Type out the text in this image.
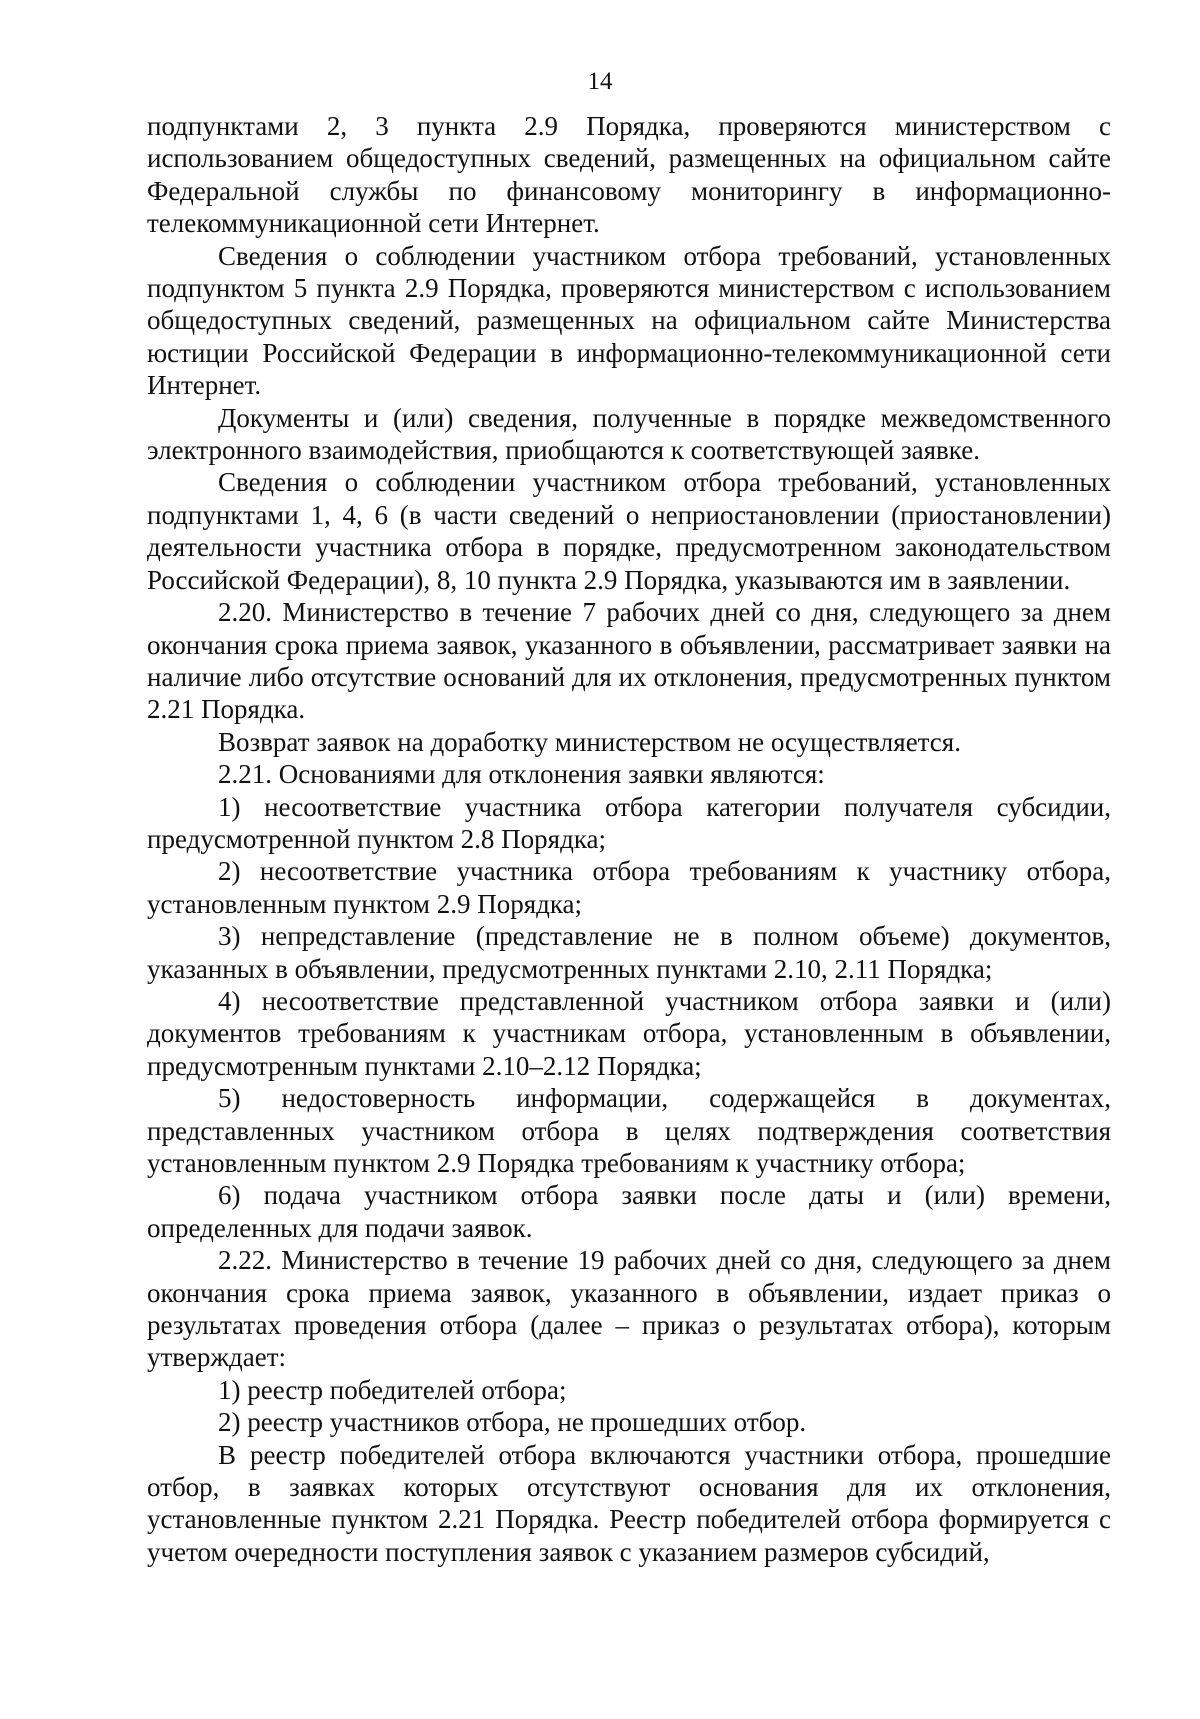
14

подпунктами 2, 3 пункта 2.9 Порядка, проверяются министерством с использованием общедоступных сведений, размещенных на официальном сайте Федеральной службы по финансовому мониторингу в информационно-телекоммуникационной сети Интернет.

Сведения о соблюдении участником отбора требований, установленных подпунктом 5 пункта 2.9 Порядка, проверяются министерством с использованием общедоступных сведений, размещенных на официальном сайте Министерства юстиции Российской Федерации в информационно-телекоммуникационной сети Интернет.

Документы и (или) сведения, полученные в порядке межведомственного электронного взаимодействия, приобщаются к соответствующей заявке.

Сведения о соблюдении участником отбора требований, установленных подпунктами 1, 4, 6 (в части сведений о неприостановлении (приостановлении) деятельности участника отбора в порядке, предусмотренном законодательством Российской Федерации), 8, 10 пункта 2.9 Порядка, указываются им в заявлении.

2.20. Министерство в течение 7 рабочих дней со дня, следующего за днем окончания срока приема заявок, указанного в объявлении, рассматривает заявки на наличие либо отсутствие оснований для их отклонения, предусмотренных пунктом 2.21 Порядка.

Возврат заявок на доработку министерством не осуществляется.

2.21. Основаниями для отклонения заявки являются:

1) несоответствие участника отбора категории получателя субсидии, предусмотренной пунктом 2.8 Порядка;

2) несоответствие участника отбора требованиям к участнику отбора, установленным пунктом 2.9 Порядка;

3) непредставление (представление не в полном объеме) документов, указанных в объявлении, предусмотренных пунктами 2.10, 2.11 Порядка;

4) несоответствие представленной участником отбора заявки и (или) документов требованиям к участникам отбора, установленным в объявлении, предусмотренным пунктами 2.10–2.12 Порядка;

5) недостоверность информации, содержащейся в документах, представленных участником отбора в целях подтверждения соответствия установленным пунктом 2.9 Порядка требованиям к участнику отбора;

6) подача участником отбора заявки после даты и (или) времени, определенных для подачи заявок.

2.22. Министерство в течение 19 рабочих дней со дня, следующего за днем окончания срока приема заявок, указанного в объявлении, издает приказ о результатах проведения отбора (далее – приказ о результатах отбора), которым утверждает:

1) реестр победителей отбора;

2) реестр участников отбора, не прошедших отбор.

В реестр победителей отбора включаются участники отбора, прошедшие отбор, в заявках которых отсутствуют основания для их отклонения, установленные пунктом 2.21 Порядка. Реестр победителей отбора формируется с учетом очередности поступления заявок с указанием размеров субсидий,
